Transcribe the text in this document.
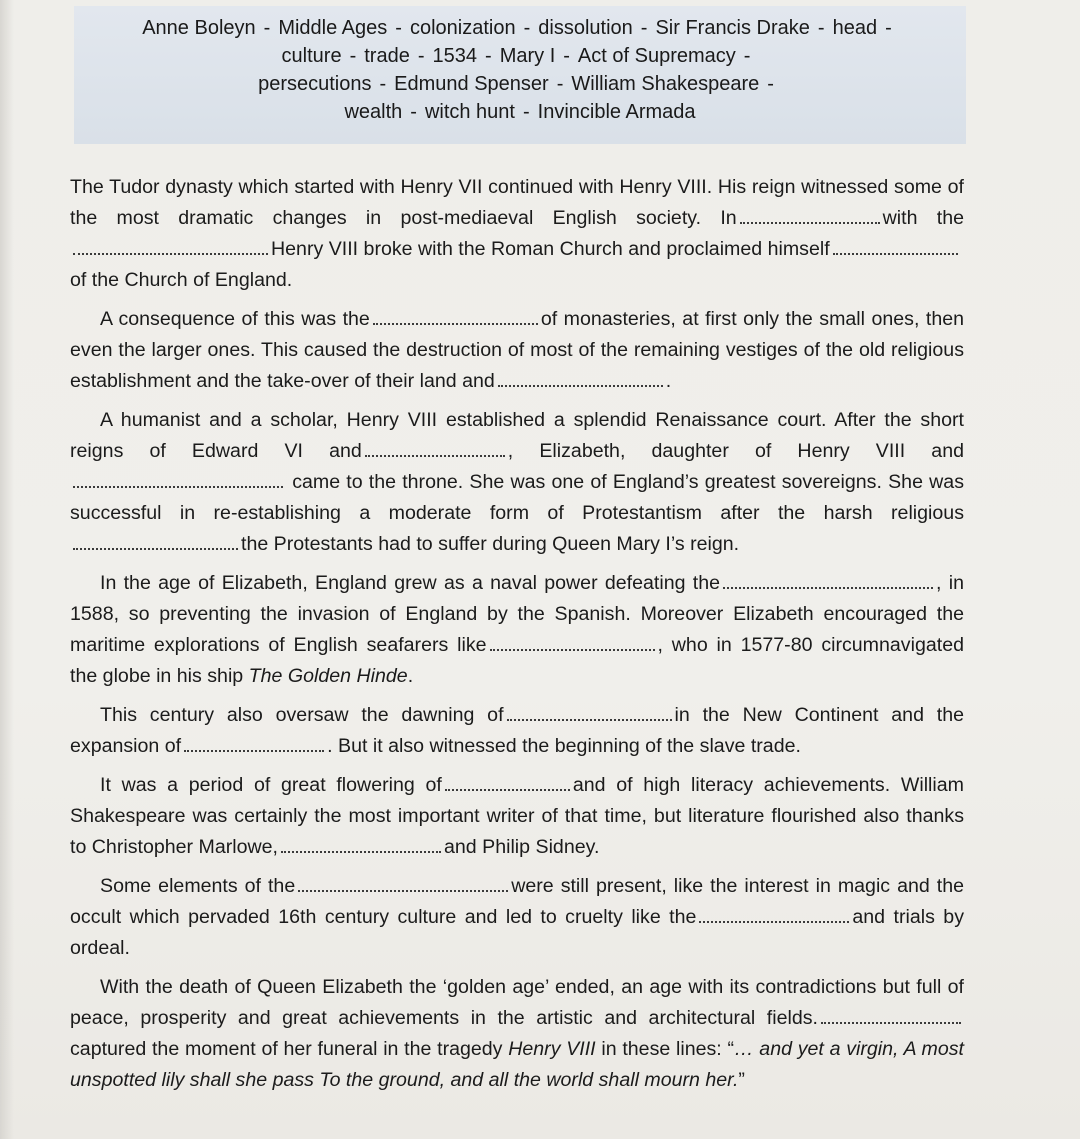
Anne Boleyn - Middle Ages - colonization - dissolution - Sir Francis Drake - head -
culture - trade - 1534 - Mary I - Act of Supremacy -
persecutions - Edmund Spenser - William Shakespeare -
wealth - witch hunt - Invincible Armada

The Tudor dynasty which started with Henry VII continued with Henry VIII. His reign witnessed some of the most dramatic changes in post-mediaeval English society. In	with the Henry VIII broke with the Roman Church and proclaimed himself
of the Church of England.

A consequence of this was the	of monasteries, at first only the small ones, then even the larger ones. This caused the destruction of most of the remaining vestiges of the old religious establishment and the take-over of their land and	.

A humanist and a scholar, Henry VIII established a splendid Renaissance court. After the short reigns of Edward VI and	, Elizabeth, daughter of Henry VIII and came to the throne. She was one of England’s greatest sovereigns. She was successful in re-establishing a moderate form of Protestantism after the harsh religiousthe Protestants had to suffer during Queen Mary I’s reign.

In the age of Elizabeth, England grew as a naval power defeating the	, in 1588, so preventing the invasion of England by the Spanish. Moreover Elizabeth encouraged the maritime explorations of English seafarers like	, who in 1577-80 circumnavigated the globe in his ship The Golden Hinde.

This century also oversaw the dawning of	in the New Continent and the expansion of	. But it also witnessed the beginning of the slave trade.

It was a period of great flowering of	and of high literacy achievements. William Shakespeare was certainly the most important writer of that time, but literature flourished also thanks to Christopher Marlowe,	and Philip Sidney.

Some elements of the	were still present, like the interest in magic and the occult which pervaded 16th century culture and led to cruelty like the	and trials by ordeal.

With the death of Queen Elizabeth the ‘golden age’ ended, an age with its contradictions but full of peace, prosperity and great achievements in the artistic and architectural fields.captured the moment of her funeral in the tragedy Henry VIII in these lines: “… and yet a virgin, A most unspotted lily shall she pass To the ground, and all the world shall mourn her.”
